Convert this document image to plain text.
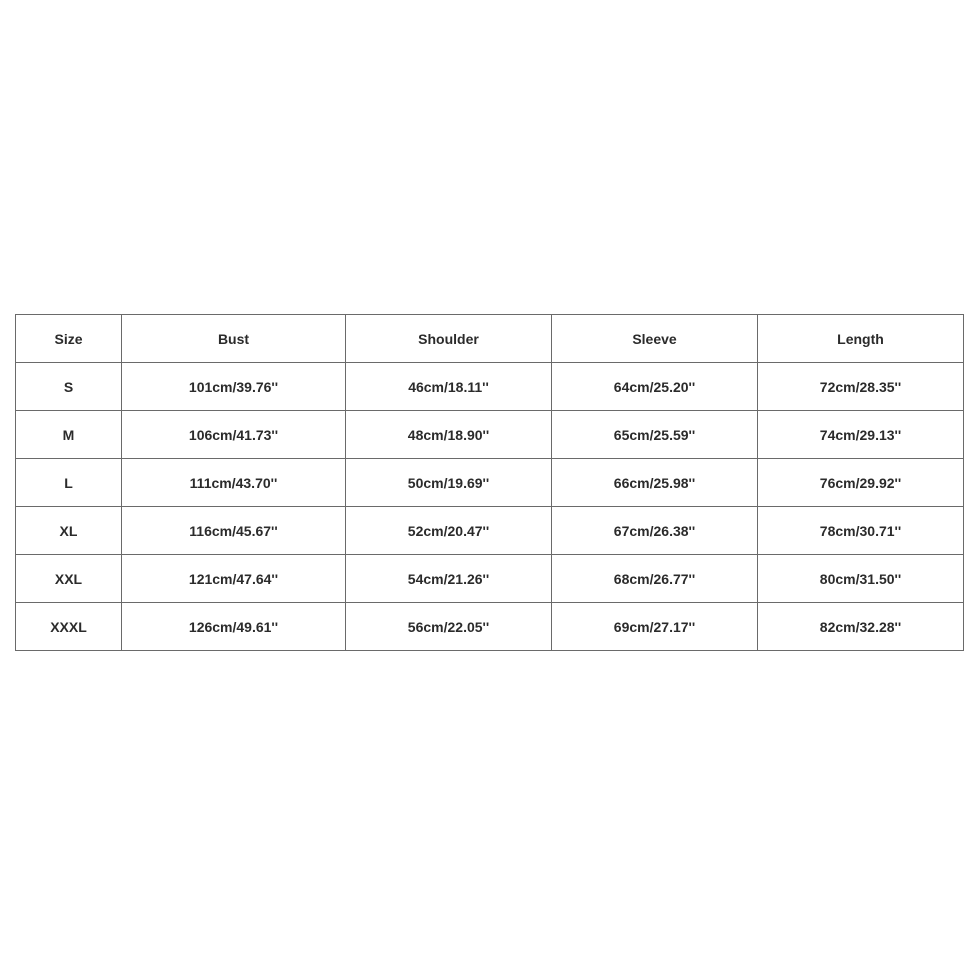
Size	Bust	Shoulder	Sleeve	Length
S	101cm/39.76''	46cm/18.11''	64cm/25.20''	72cm/28.35''
M	106cm/41.73''	48cm/18.90''	65cm/25.59''	74cm/29.13''
L	111cm/43.70''	50cm/19.69''	66cm/25.98''	76cm/29.92''
XL	116cm/45.67''	52cm/20.47''	67cm/26.38''	78cm/30.71''
XXL	121cm/47.64''	54cm/21.26''	68cm/26.77''	80cm/31.50''
XXXL	126cm/49.61''	56cm/22.05''	69cm/27.17''	82cm/32.28''
